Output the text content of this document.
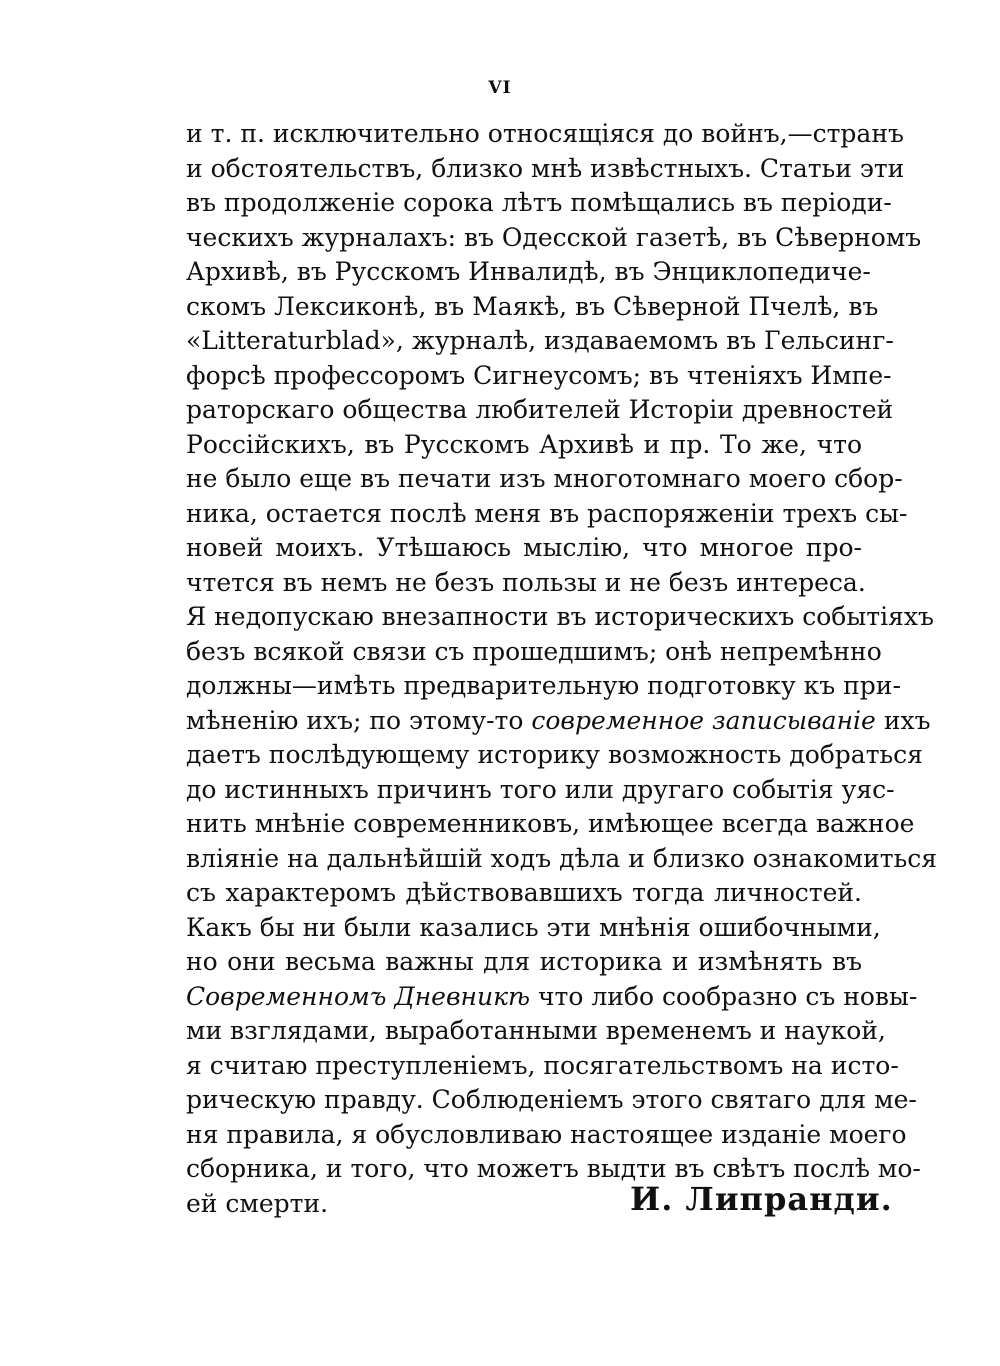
VI
и т. п. исключительно относящіяся до войнъ,—странъ
и обстоятельствъ, близко мнѣ извѣстныхъ. Статьи эти
въ продолженіе сорока лѣтъ помѣщались въ періоди-
ческихъ журналахъ: въ Одесской газетѣ, въ Сѣверномъ
Архивѣ, въ Русскомъ Инвалидѣ, въ Энциклопедиче-
скомъ Лексиконѣ, въ Маякѣ, въ Сѣверной Пчелѣ, въ
«Litteraturblad», журналѣ, издаваемомъ въ Гельсинг-
форсѣ профессоромъ Сигнеусомъ; въ чтеніяхъ Импе-
раторскаго общества любителей Исторіи древностей
Россійскихъ, въ Русскомъ Архивѣ и пр. То же, что
не было еще въ печати изъ многотомнаго моего сбор-
ника, остается послѣ меня въ распоряженіи трехъ сы-
новей моихъ. Утѣшаюсь мыслію, что многое про-
чтется въ немъ не безъ пользы и не безъ интереса.
Я недопускаю внезапности въ историческихъ событіяхъ
безъ всякой связи съ прошедшимъ; онѣ непремѣнно
должны—имѣть предварительную подготовку къ при-
мѣненію ихъ; по этому-то современное записываніе ихъ
даетъ послѣдующему историку возможность добраться
до истинныхъ причинъ того или другаго событія уяс-
нить мнѣніе современниковъ, имѣющее всегда важное
вліяніе на дальнѣйшій ходъ дѣла и близко ознакомиться
съ характеромъ дѣйствовавшихъ тогда личностей.
Какъ бы ни были казались эти мнѣнія ошибочными,
но они весьма важны для историка и измѣнять въ
Современномъ Дневникѣ что либо сообразно съ новы-
ми взглядами, выработанными временемъ и наукой,
я считаю преступленіемъ, посягательствомъ на исто-
рическую правду. Соблюденіемъ этого святаго для ме-
ня правила, я обусловливаю настоящее изданіе моего
сборника, и того, что можетъ выдти въ свѣтъ послѣ мо-
ей смерти.	И. Липранди.
